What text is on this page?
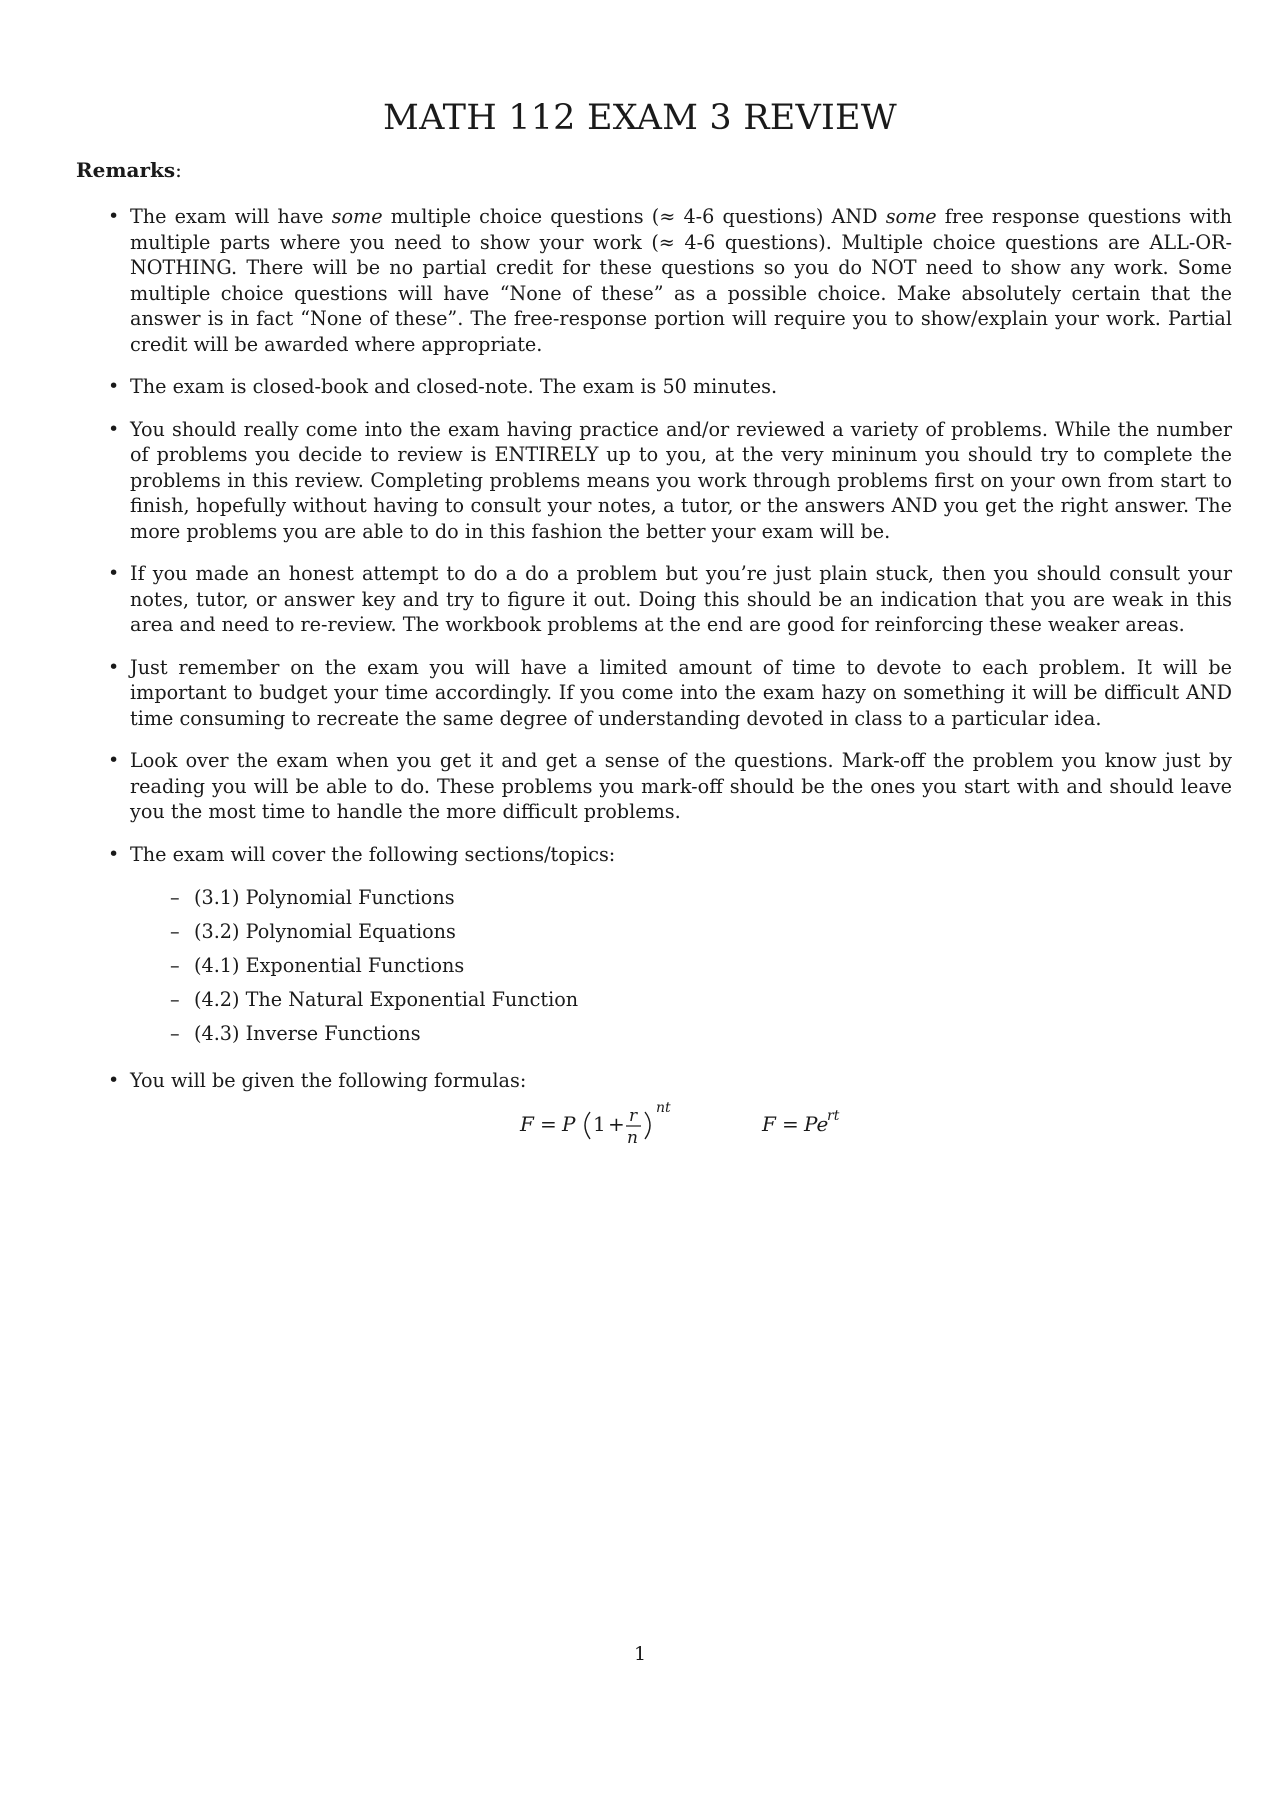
MATH 112 EXAM 3 REVIEW
Remarks:
• The exam will have some multiple choice questions (≈ 4-6 questions) AND some free response questions with multiple parts where you need to show your work (≈ 4-6 questions). Multiple choice questions are ALL-OR-NOTHING. There will be no partial credit for these questions so you do NOT need to show any work. Some multiple choice questions will have “None of these” as a possible choice. Make absolutely certain that the answer is in fact “None of these”. The free-response portion will require you to show/explain your work. Partial credit will be awarded where appropriate.
• The exam is closed-book and closed-note. The exam is 50 minutes.
• You should really come into the exam having practice and/or reviewed a variety of problems. While the number of problems you decide to review is ENTIRELY up to you, at the very mininum you should try to complete the problems in this review. Completing problems means you work through problems first on your own from start to finish, hopefully without having to consult your notes, a tutor, or the answers AND you get the right answer. The more problems you are able to do in this fashion the better your exam will be.
• If you made an honest attempt to do a do a problem but you’re just plain stuck, then you should consult your notes, tutor, or answer key and try to figure it out. Doing this should be an indication that you are weak in this area and need to re-review. The workbook problems at the end are good for reinforcing these weaker areas.
• Just remember on the exam you will have a limited amount of time to devote to each problem. It will be important to budget your time accordingly. If you come into the exam hazy on something it will be difficult AND time consuming to recreate the same degree of understanding devoted in class to a particular idea.
• Look over the exam when you get it and get a sense of the questions. Mark-off the problem you know just by reading you will be able to do. These problems you mark-off should be the ones you start with and should leave you the most time to handle the more difficult problems.
• The exam will cover the following sections/topics:
– (3.1) Polynomial Functions
– (3.2) Polynomial Equations
– (4.1) Exponential Functions
– (4.2) The Natural Exponential Function
– (4.3) Inverse Functions
• You will be given the following formulas:
F = P 1 + r
n
nt
F = Pe
rt
1
